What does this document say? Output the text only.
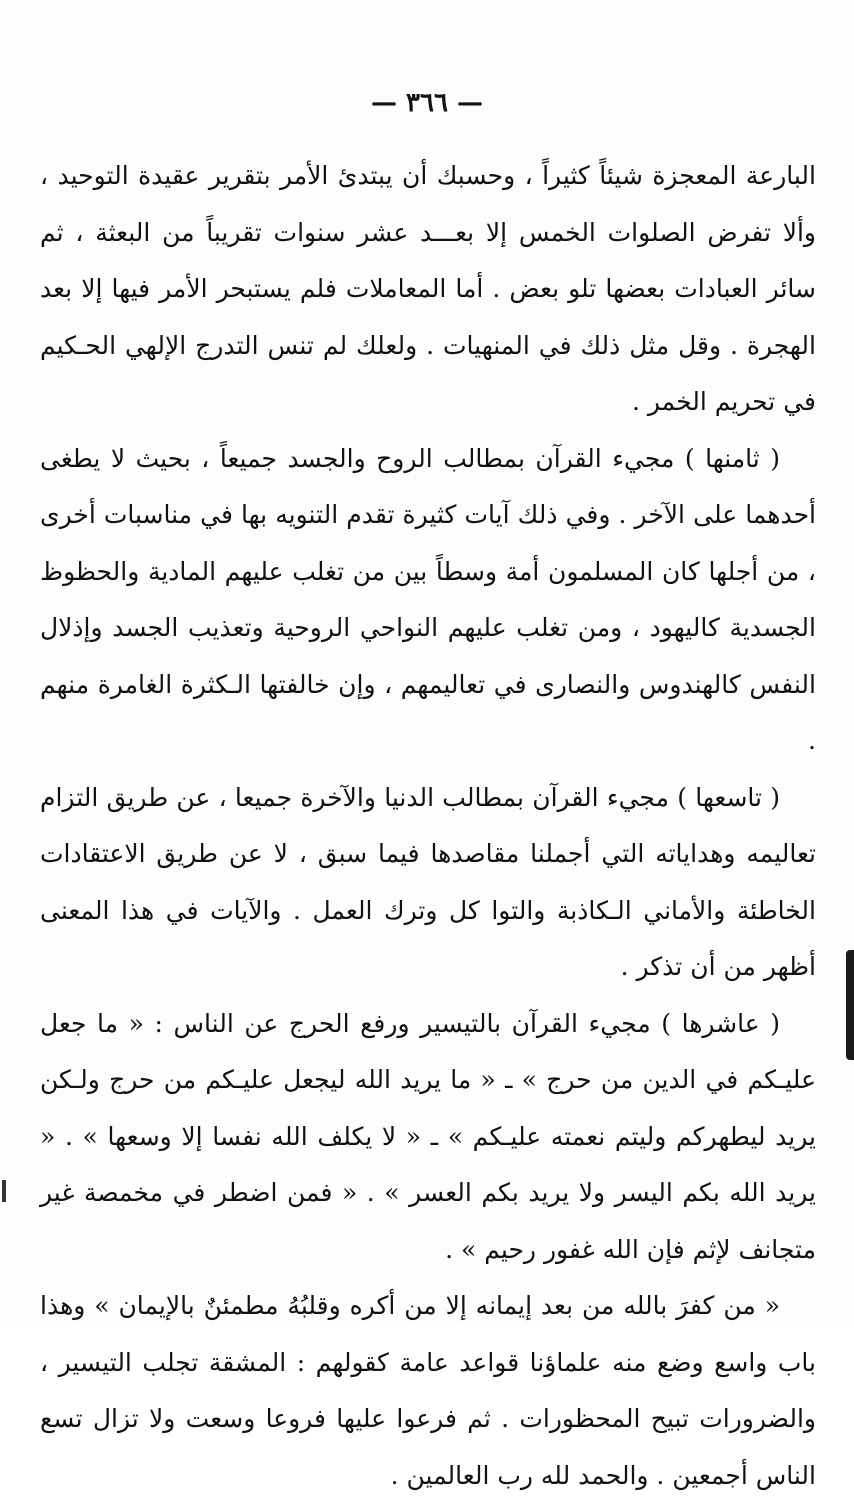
— ٣٦٦ —

البارعة المعجزة شيئاً كثيراً ، وحسبك أن يبتدئ الأمر بتقرير عقيدة التوحيد ، وألا تفرض الصلوات الخمس إلا بعـــد عشر سنوات تقريباً من البعثة ، ثم سائر العبادات بعضها تلو بعض . أما المعاملات فلم يستبحر الأمر فيها إلا بعد الهجرة . وقل مثل ذلك في المنهيات . ولعلك لم تنس التدرج الإلهي الحـكيم في تحريم الخمر .

( ثامنها ) مجيء القرآن بمطالب الروح والجسد جميعاً ، بحيث لا يطغى أحدهما على الآخر . وفي ذلك آيات كثيرة تقدم التنويه بها في مناسبات أخرى ، من أجلها كان المسلمون أمة وسطاً بين من تغلب عليهم المادية والحظوظ الجسدية كاليهود ، ومن تغلب عليهم النواحي الروحية وتعذيب الجسد وإذلال النفس كالهندوس والنصارى في تعاليمهم ، وإن خالفتها الـكثرة الغامرة منهم .

( تاسعها ) مجيء القرآن بمطالب الدنيا والآخرة جميعا ، عن طريق التزام تعاليمه وهداياته التي أجملنا مقاصدها فيما سبق ، لا عن طريق الاعتقادات الخاطئة والأماني الـكاذبة والتوا كل وترك العمل . والآيات في هذا المعنى أظهر من أن تذكر .

( عاشرها ) مجيء القرآن بالتيسير ورفع الحرج عن الناس : « ما جعل عليـكم في الدين من حرج » ـ « ما يريد الله ليجعل عليـكم من حرج ولـكن يريد ليطهركم وليتم نعمته عليـكم » ـ « لا يكلف الله نفسا إلا وسعها » . « يريد الله بكم اليسر ولا يريد بكم العسر » . « فمن اضطر في مخمصة غير متجانف لإثم فإن الله غفور رحيم » .

« من كفرَ بالله من بعد إيمانه إلا من أكره وقلبُهُ مطمئنٌ بالإيمان » وهذا باب واسع وضع منه علماؤنا قواعد عامة كقولهم : المشقة تجلب التيسير ، والضرورات تبيح المحظورات . ثم فرعوا عليها فروعا وسعت ولا تزال تسع الناس أجمعين . والحمد لله رب العالمين .
